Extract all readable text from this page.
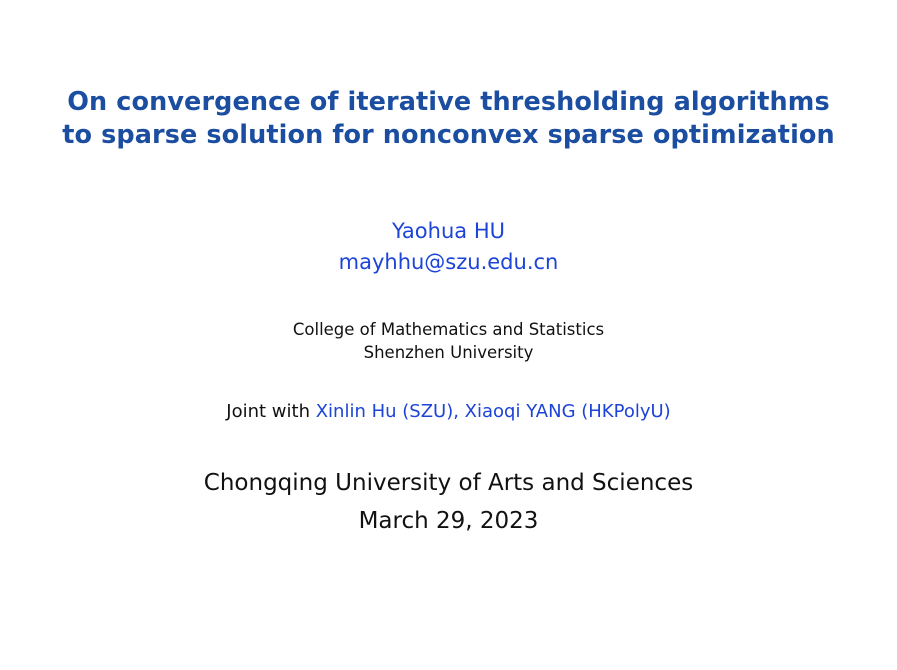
On convergence of iterative thresholding algorithms
to sparse solution for nonconvex sparse optimization
Yaohua HU
mayhhu@szu.edu.cn
College of Mathematics and Statistics
Shenzhen University
Joint with Xinlin Hu (SZU), Xiaoqi YANG (HKPolyU)
Chongqing University of Arts and Sciences
March 29, 2023
